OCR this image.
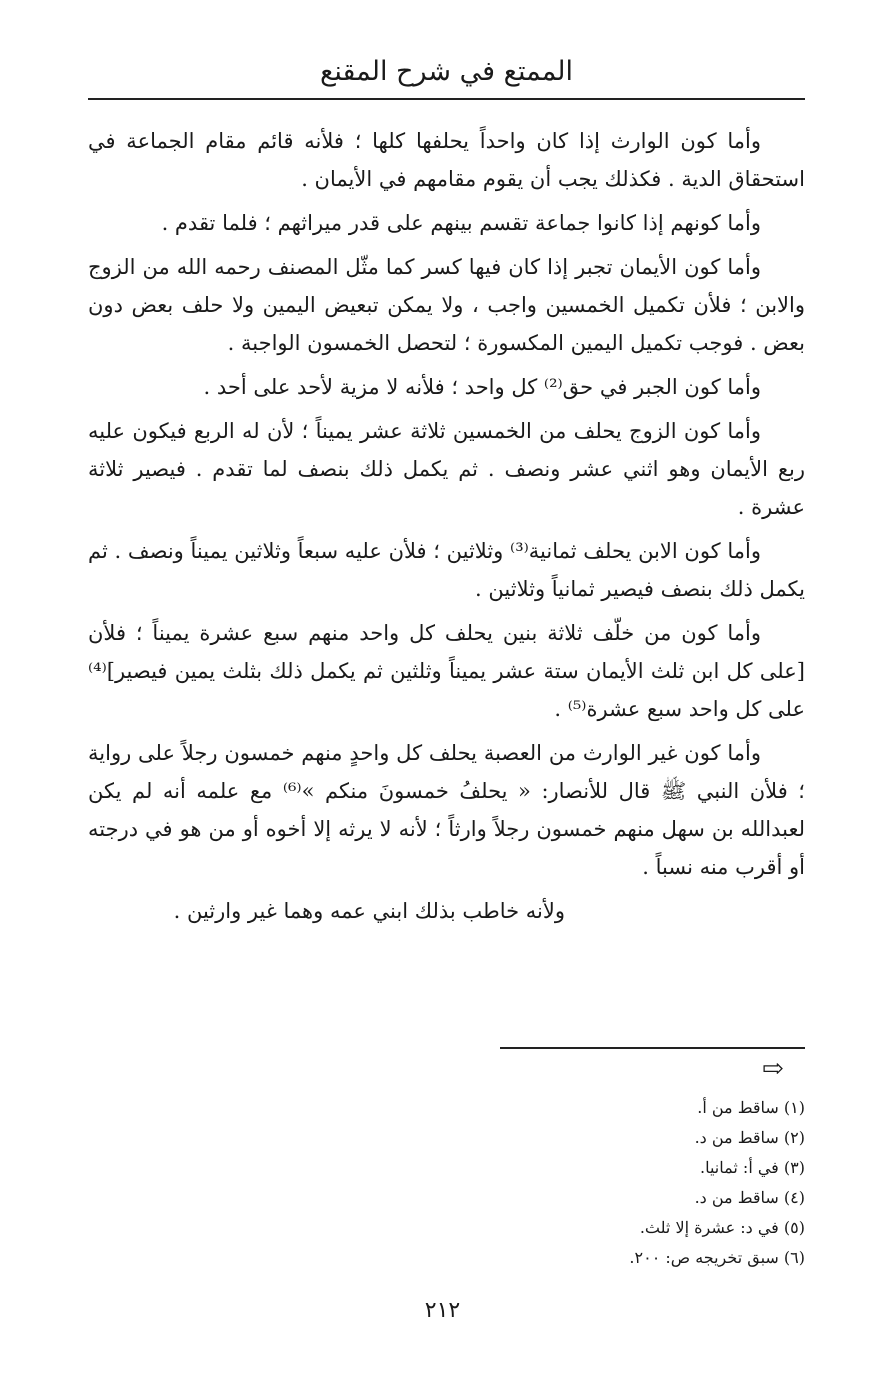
الممتع في شرح المقنع

وأما كون الوارث إذا كان واحداً يحلفها كلها ؛ فلأنه قائم مقام الجماعة في استحقاق الدية . فكذلك يجب أن يقوم مقامهم في الأيمان .

وأما كونهم إذا كانوا جماعة تقسم بينهم على قدر ميراثهم ؛ فلما تقدم .

وأما كون الأيمان تجبر إذا كان فيها كسر كما مثّل المصنف رحمه الله من الزوج والابن ؛ فلأن تكميل الخمسين واجب ، ولا يمكن تبعيض اليمين ولا حلف بعض دون بعض . فوجب تكميل اليمين المكسورة ؛ لتحصل الخمسون الواجبة .

وأما كون الجبر في حق⁽²⁾ كل واحد ؛ فلأنه لا مزية لأحد على أحد .

وأما كون الزوج يحلف من الخمسين ثلاثة عشر يميناً ؛ لأن له الربع فيكون عليه ربع الأيمان وهو اثني عشر ونصف . ثم يكمل ذلك بنصف لما تقدم . فيصير ثلاثة عشرة .

وأما كون الابن يحلف ثمانية⁽³⁾ وثلاثين ؛ فلأن عليه سبعاً وثلاثين يميناً ونصف . ثم يكمل ذلك بنصف فيصير ثمانياً وثلاثين .

وأما كون من خلّف ثلاثة بنين يحلف كل واحد منهم سبع عشرة يميناً ؛ فلأن [على كل ابن ثلث الأيمان ستة عشر يميناً وثلثين ثم يكمل ذلك بثلث يمين فيصير]⁽⁴⁾ على كل واحد سبع عشرة⁽⁵⁾ .

وأما كون غير الوارث من العصبة يحلف كل واحدٍ منهم خمسون رجلاً على رواية ؛ فلأن النبي ﷺ قال للأنصار: « يحلفُ خمسونَ منكم »⁽⁶⁾ مع علمه أنه لم يكن لعبدالله بن سهل منهم خمسون رجلاً وارثاً ؛ لأنه لا يرثه إلا أخوه أو من هو في درجته أو أقرب منه نسباً .

ولأنه خاطب بذلك ابني عمه وهما غير وارثين .

⇨
(١) ساقط من أ.
(٢) ساقط من د.
(٣) في أ: ثمانيا.
(٤) ساقط من د.
(٥) في د: عشرة إلا ثلث.
(٦) سبق تخريجه ص: ٢٠٠.
٢١٢
